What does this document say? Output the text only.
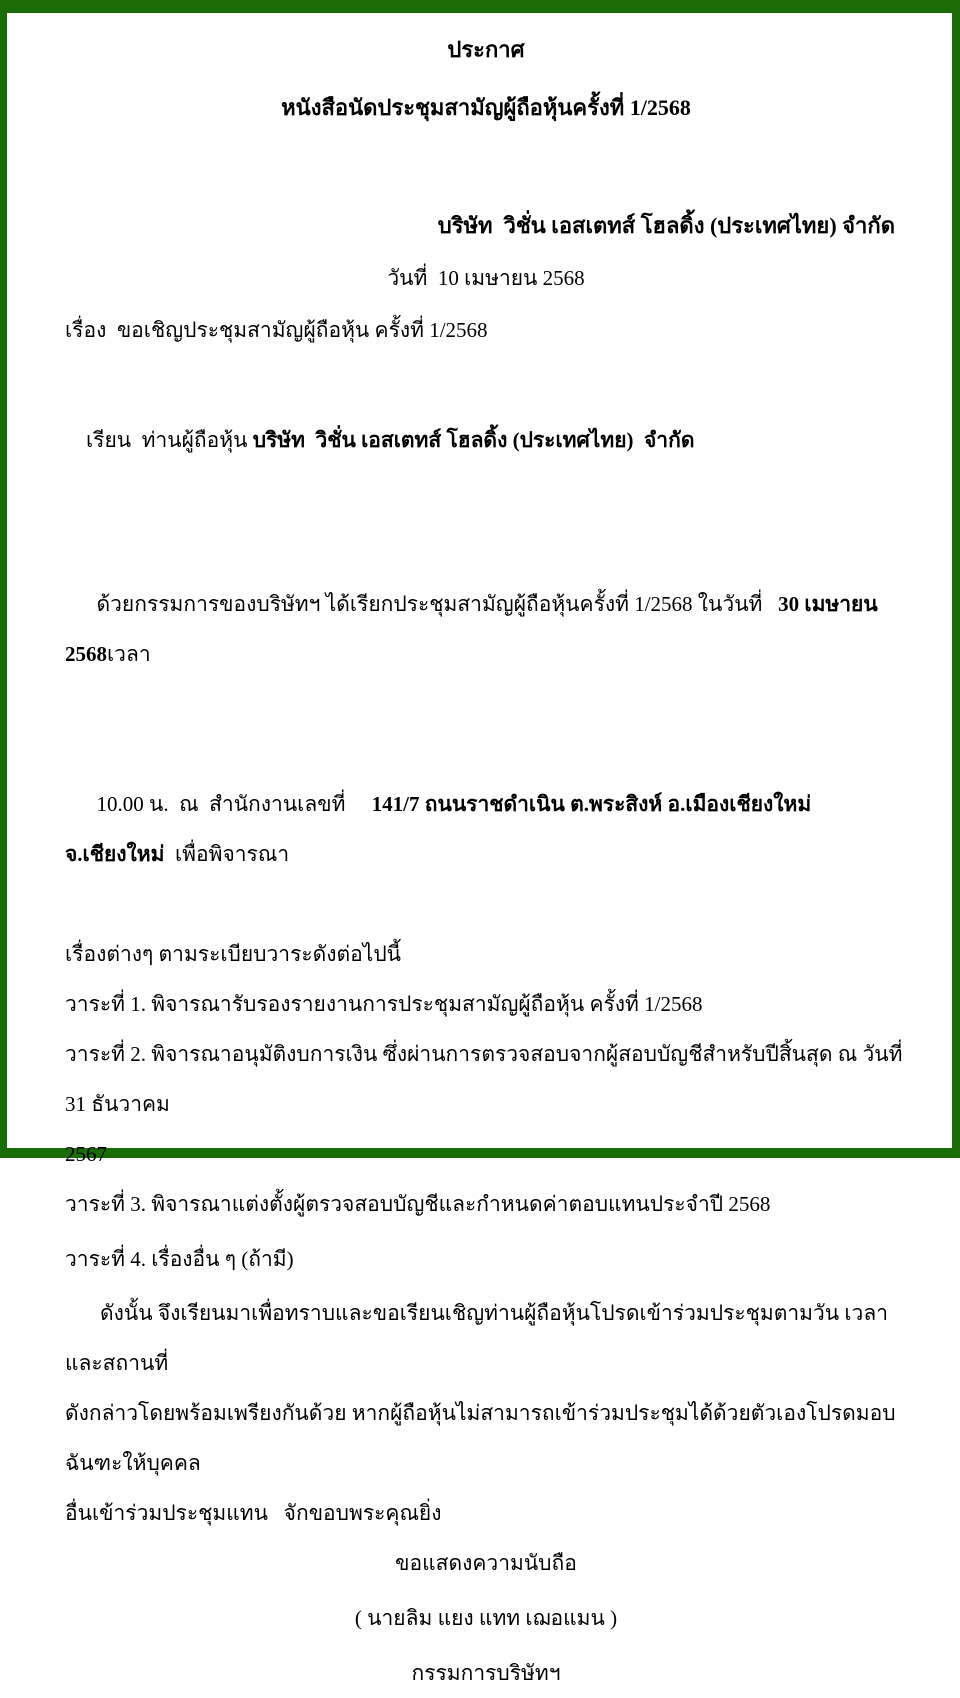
ประกาศ
หนังสือนัดประชุมสามัญผู้ถือหุ้นครั้งที่ 1/2568
บริษัท  วิชั่น เอสเตทส์ โฮลดิ้ง (ประเทศไทย) จำกัด
วันที่  10 เมษายน 2568
เรื่อง  ขอเชิญประชุมสามัญผู้ถือหุ้น ครั้งที่ 1/2568

เรียน  ท่านผู้ถือหุ้น บริษัท  วิชั่น เอสเตทส์ โฮลดิ้ง (ประเทศไทย)  จำกัด

ด้วยกรรมการของบริษัทฯ ได้เรียกประชุมสามัญผู้ถือหุ้นครั้งที่ 1/2568 ในวันที่   30 เมษายน 2568เวลา

10.00 น.  ณ  สำนักงานเลขที่     141/7 ถนนราชดำเนิน ต.พระสิงห์ อ.เมืองเชียงใหม่ จ.เชียงใหม่  เพื่อพิจารณา

เรื่องต่างๆ ตามระเบียบวาระดังต่อไปนี้
วาระที่ 1. พิจารณารับรองรายงานการประชุมสามัญผู้ถือหุ้น ครั้งที่ 1/2568
วาระที่ 2. พิจารณาอนุมัติงบการเงิน ซึ่งผ่านการตรวจสอบจากผู้สอบบัญชีสำหรับปีสิ้นสุด ณ วันที่ 31 ธันวาคม
2567
วาระที่ 3. พิจารณาแต่งตั้งผู้ตรวจสอบบัญชีและกำหนดค่าตอบแทนประจำปี 2568
วาระที่ 4. เรื่องอื่น ๆ (ถ้ามี)
ดังนั้น จึงเรียนมาเพื่อทราบและขอเรียนเชิญท่านผู้ถือหุ้นโปรดเข้าร่วมประชุมตามวัน เวลา และสถานที่
ดังกล่าวโดยพร้อมเพรียงกันด้วย หากผู้ถือหุ้นไม่สามารถเข้าร่วมประชุมได้ด้วยตัวเองโปรดมอบฉันฑะให้บุคคล
อื่นเข้าร่วมประชุมแทน   จักขอบพระคุณยิ่ง
ขอแสดงความนับถือ
( นายลิม แยง แทท เฌอแมน )
กรรมการบริษัทฯ
